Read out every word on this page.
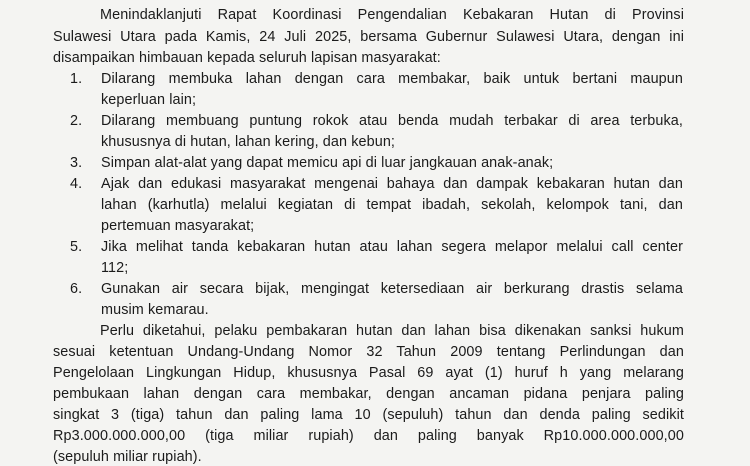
Menindaklanjuti Rapat Koordinasi Pengendalian Kebakaran Hutan di Provinsi
Sulawesi Utara pada Kamis, 24 Juli 2025, bersama Gubernur Sulawesi Utara, dengan ini
disampaikan himbauan kepada seluruh lapisan masyarakat:
1. Dilarang membuka lahan dengan cara membakar, baik untuk bertani maupun
keperluan lain;
2. Dilarang membuang puntung rokok atau benda mudah terbakar di area terbuka,
khususnya di hutan, lahan kering, dan kebun;
3. Simpan alat-alat yang dapat memicu api di luar jangkauan anak-anak;
4. Ajak dan edukasi masyarakat mengenai bahaya dan dampak kebakaran hutan dan
lahan (karhutla) melalui kegiatan di tempat ibadah, sekolah, kelompok tani, dan
pertemuan masyarakat;
5. Jika melihat tanda kebakaran hutan atau lahan segera melapor melalui call center
112;
6. Gunakan air secara bijak, mengingat ketersediaan air berkurang drastis selama
musim kemarau.
Perlu diketahui, pelaku pembakaran hutan dan lahan bisa dikenakan sanksi hukum
sesuai ketentuan Undang-Undang Nomor 32 Tahun 2009 tentang Perlindungan dan
Pengelolaan Lingkungan Hidup, khususnya Pasal 69 ayat (1) huruf h yang melarang
pembukaan lahan dengan cara membakar, dengan ancaman pidana penjara paling
singkat 3 (tiga) tahun dan paling lama 10 (sepuluh) tahun dan denda paling sedikit
Rp3.000.000.000,00 (tiga miliar rupiah) dan paling banyak Rp10.000.000.000,00
(sepuluh miliar rupiah).
